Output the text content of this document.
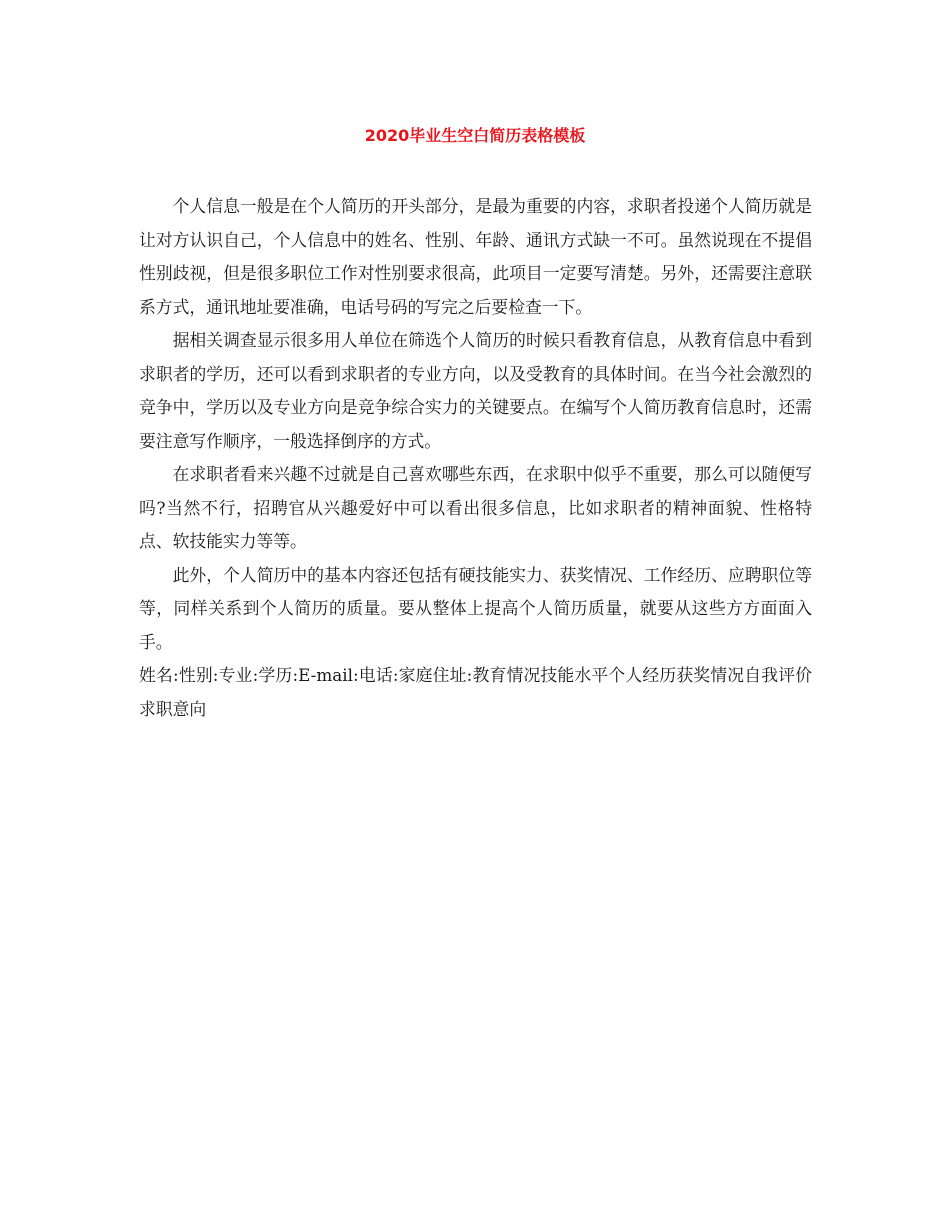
2020毕业生空白简历表格模板

个人信息一般是在个人简历的开头部分，是最为重要的内容，求职者投递个人简历就是让对方认识自己，个人信息中的姓名、性别、年龄、通讯方式缺一不可。虽然说现在不提倡性别歧视，但是很多职位工作对性别要求很高，此项目一定要写清楚。另外，还需要注意联系方式，通讯地址要准确，电话号码的写完之后要检查一下。

据相关调查显示很多用人单位在筛选个人简历的时候只看教育信息，从教育信息中看到求职者的学历，还可以看到求职者的专业方向，以及受教育的具体时间。在当今社会激烈的竞争中，学历以及专业方向是竞争综合实力的关键要点。在编写个人简历教育信息时，还需要注意写作顺序，一般选择倒序的方式。

在求职者看来兴趣不过就是自己喜欢哪些东西，在求职中似乎不重要，那么可以随便写吗?当然不行，招聘官从兴趣爱好中可以看出很多信息，比如求职者的精神面貌、性格特点、软技能实力等等。

此外，个人简历中的基本内容还包括有硬技能实力、获奖情况、工作经历、应聘职位等等，同样关系到个人简历的质量。要从整体上提高个人简历质量，就要从这些方方面面入手。

姓名:性别:专业:学历:E-mail:电话:家庭住址:教育情况技能水平个人经历获奖情况自我评价求职意向
